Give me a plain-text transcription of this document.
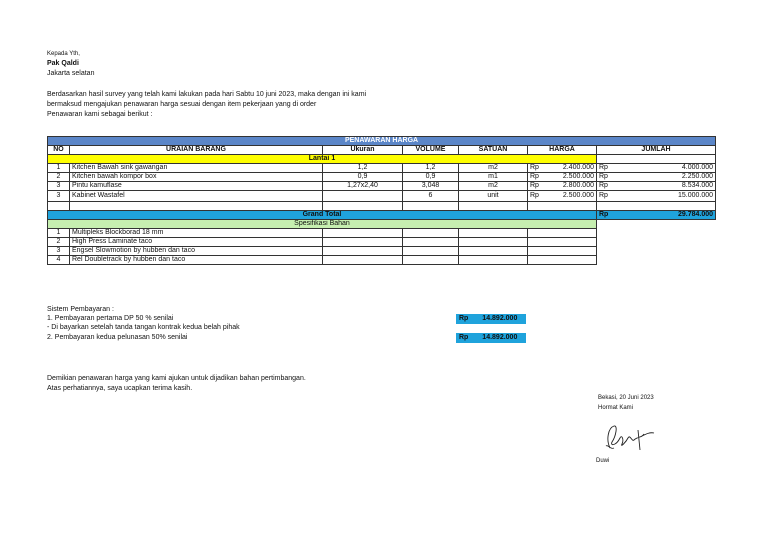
Kepada Yth,
Pak Qaldi
Jakarta selatan
Berdasarkan hasil survey yang telah kami lakukan pada hari Sabtu 10 juni 2023, maka dengan ini kami
bermaksud mengajukan penawaran harga sesuai dengan item pekerjaan yang di order
Penawaran kami sebagai berikut :
PENAWARAN HARGA						
NO	URAIAN BARANG	Ukuran	VOLUME	SATUAN	HARGA	JUMLAH
Lantai 1						
1	Kitchen Bawah sink gawangan	1,2	1,2	m2	Rp 2.400.000	Rp 4.000.000

2	Kitchen bawah kompor box	0,9	0,9	m1	Rp 2.500.000	Rp 2.250.000

3	Pintu kamuflase	1,27x2,40	3,048	m2	Rp 2.800.000	Rp 8.534.000

3	Kabinet Wastafel		6	unit	Rp 2.500.000	Rp 15.000.000

Grand Total						Rp 29.784.000

Spesifikasi Bahan						
1	Multipleks Blockborad 18 mm					
2	High Press Laminate taco					
3	Engsel Slowmotion by hubben dan taco					
4	Rel Doubletrack by hubben dan taco					
Sistem Pembayaran :
1. Pembayaran pertama DP 50 % senilai
- Di bayarkan setelah tanda tangan kontrak kedua belah pihak
2. Pembayaran kedua pelunasan 50% senilai
Rp 14.892.000
Rp 14.892.000
Demikian penawaran harga yang kami ajukan untuk dijadikan bahan pertimbangan.
Atas perhatiannya, saya ucapkan terima kasih.
Bekasi, 20 Juni 2023
Hormat Kami
Duwi
